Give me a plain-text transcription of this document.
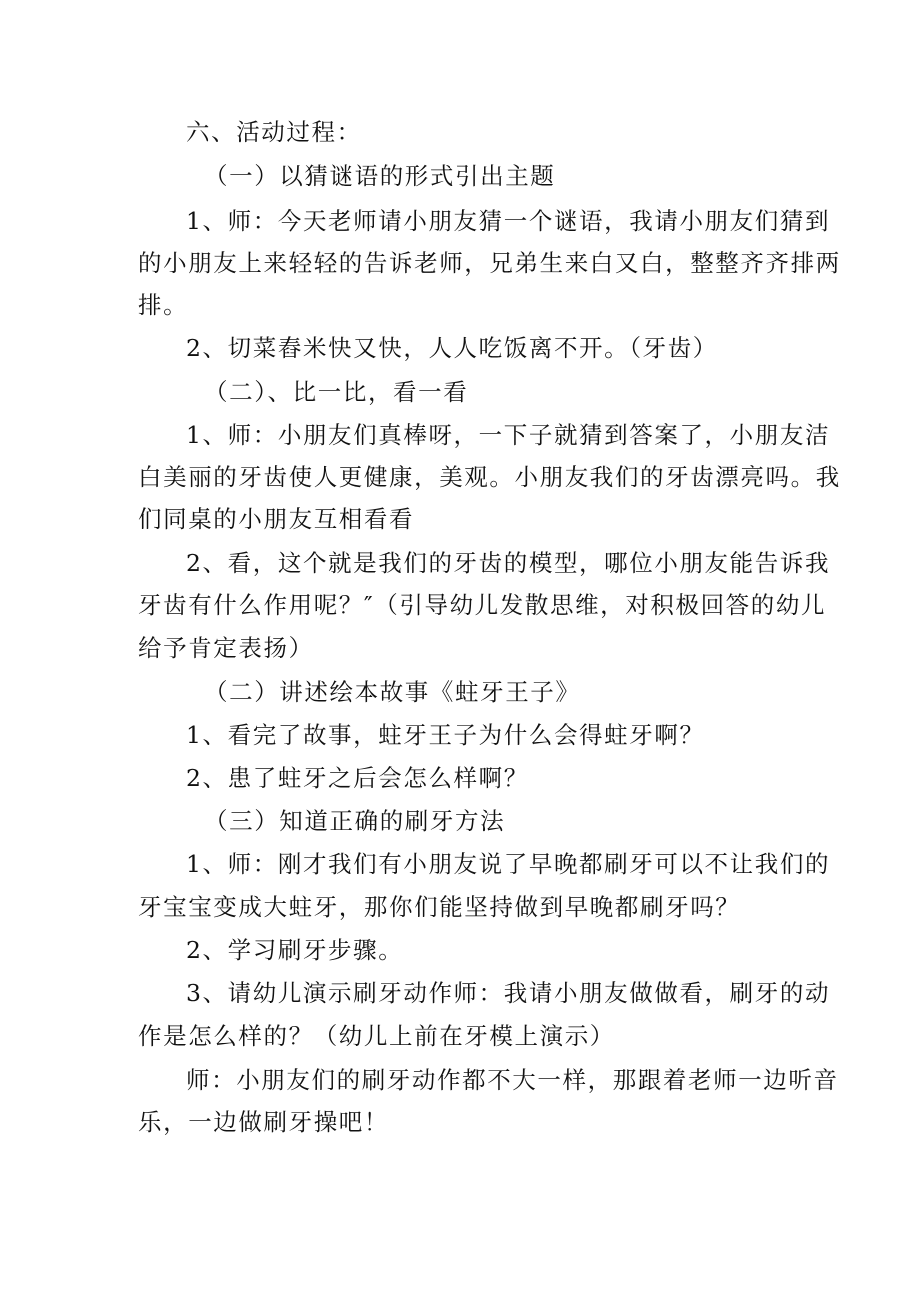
六、活动过程：
（一）以猜谜语的形式引出主题
1、师：今天老师请小朋友猜一个谜语，我请小朋友们猜到
的小朋友上来轻轻的告诉老师，兄弟生来白又白，整整齐齐排两
排。
2、切菜舂米快又快，人人吃饭离不开。（牙齿）
（二）、比一比，看一看
1、师：小朋友们真棒呀，一下子就猜到答案了，小朋友洁
白美丽的牙齿使人更健康，美观。小朋友我们的牙齿漂亮吗。我
们同桌的小朋友互相看看
2、看，这个就是我们的牙齿的模型，哪位小朋友能告诉我
牙齿有什么作用呢？″（引导幼儿发散思维，对积极回答的幼儿
给予肯定表扬）
（二）讲述绘本故事《蛀牙王子》
1、看完了故事，蛀牙王子为什么会得蛀牙啊？
2、患了蛀牙之后会怎么样啊？
（三）知道正确的刷牙方法
1、师：刚才我们有小朋友说了早晚都刷牙可以不让我们的
牙宝宝变成大蛀牙，那你们能坚持做到早晚都刷牙吗？
2、学习刷牙步骤。
3、请幼儿演示刷牙动作师：我请小朋友做做看，刷牙的动
作是怎么样的？（幼儿上前在牙模上演示）
师：小朋友们的刷牙动作都不大一样，那跟着老师一边听音
乐，一边做刷牙操吧！
